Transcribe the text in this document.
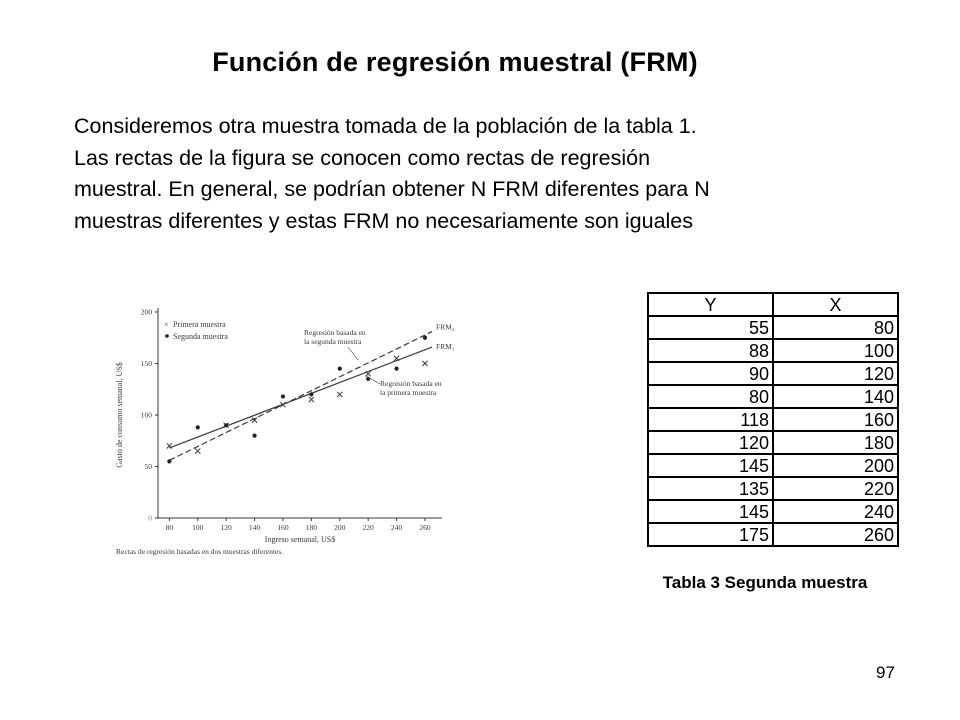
Función de regresión muestral (FRM)
Consideremos otra muestra tomada de la población de la tabla 1.
Las rectas de la figura se conocen como rectas de regresión
muestral. En general, se podrían obtener N FRM diferentes para N
muestras diferentes y estas FRM no necesariamente son iguales
0
50
100
150
200
80	100 120 140 160 180 200 220 240 260
Ingreso semanal, US$
Gasto de consumo semanal, US$
FRM₁
FRM₂
× Primera muestra
Segunda muestra	Regresión basada en
la segunda muestra
Regresión basada en
la primera muestra
Rectas de regresión basadas en dos muestras diferentes.
Y	X
55	80
88	100
90	120
80	140
118	160
120	180
145	200
135	220
145	240
175	260
Tabla 3 Segunda muestra
97
